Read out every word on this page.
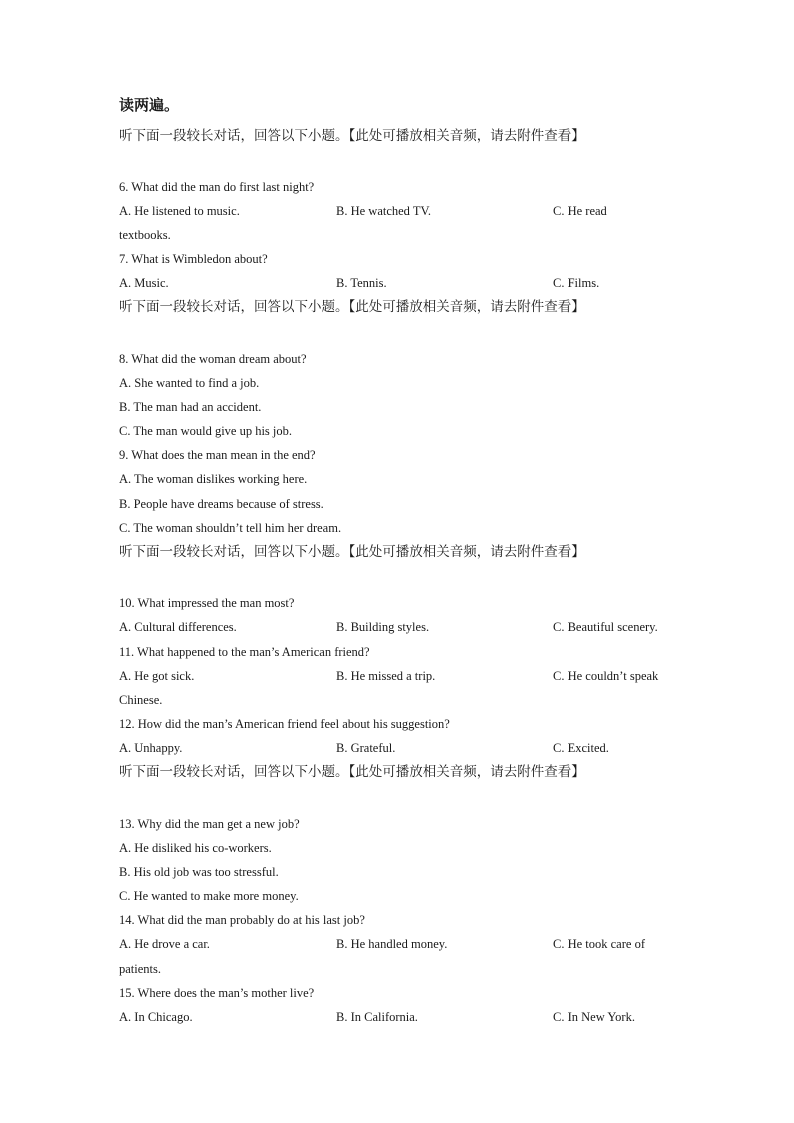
读两遍。
听下面一段较长对话，回答以下小题。【此处可播放相关音频，请去附件查看】
6. What did the man do first last night?
A. He listened to music.	B. He watched TV.	C. He read
textbooks.
7. What is Wimbledon about?
A. Music.	B. Tennis.	C. Films.
听下面一段较长对话，回答以下小题。【此处可播放相关音频，请去附件查看】
8. What did the woman dream about?
A. She wanted to find a job.
B. The man had an accident.
C. The man would give up his job.
9. What does the man mean in the end?
A. The woman dislikes working here.
B. People have dreams because of stress.
C. The woman shouldn’t tell him her dream.
听下面一段较长对话，回答以下小题。【此处可播放相关音频，请去附件查看】
10. What impressed the man most?
A. Cultural differences.	B. Building styles.	C. Beautiful scenery.
11. What happened to the man’s American friend?
A. He got sick.	B. He missed a trip.	C. He couldn’t speak
Chinese.
12. How did the man’s American friend feel about his suggestion?
A. Unhappy.	B. Grateful.	C. Excited.
听下面一段较长对话，回答以下小题。【此处可播放相关音频，请去附件查看】
13. Why did the man get a new job?
A. He disliked his co-workers.
B. His old job was too stressful.
C. He wanted to make more money.
14. What did the man probably do at his last job?
A. He drove a car.	B. He handled money.	C. He took care of
patients.
15. Where does the man’s mother live?
A. In Chicago.	B. In California.	C. In New York.
